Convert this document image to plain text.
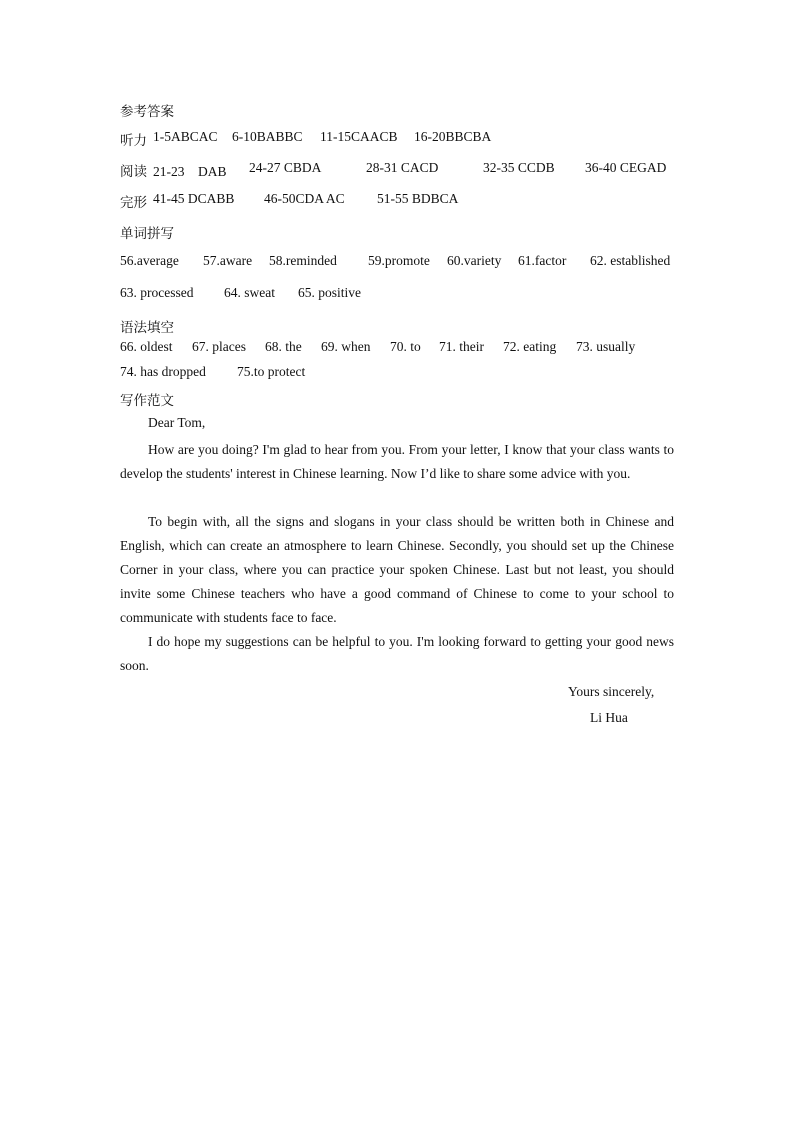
参考答案
听力 1-5ABCAC 6-10BABBC 11-15CAACB 16-20BBCBA
阅读 21-23　DAB 24-27 CBDA	28-31 CACD	32-35 CCDB 36-40 CEGAD
完形 41-45 DCABB 46-50CDA AC 51-55 BDBCA
单词拼写
56.average 57.aware 58.reminded 59.promote 60.variety 61.factor 62. established
63. processed 64. sweat 65. positive
语法填空
66. oldest 67. places 68. the 69. when 70. to 71. their 72. eating 73. usually
74. has dropped 75.to protect
写作范文
Dear Tom,
How are you doing? I'm glad to hear from you. From your letter, I know that your class wants to develop the students' interest in Chinese learning. Now I’d like to share some advice with you.
To begin with, all the signs and slogans in your class should be written both in Chinese and English, which can create an atmosphere to learn Chinese. Secondly, you should set up the Chinese Corner in your class, where you can practice your spoken Chinese. Last but not least, you should invite some Chinese teachers who have a good command of Chinese to come to your school to communicate with students face to face.
I do hope my suggestions can be helpful to you. I'm looking forward to getting your good news soon.
Yours sincerely,
Li Hua
